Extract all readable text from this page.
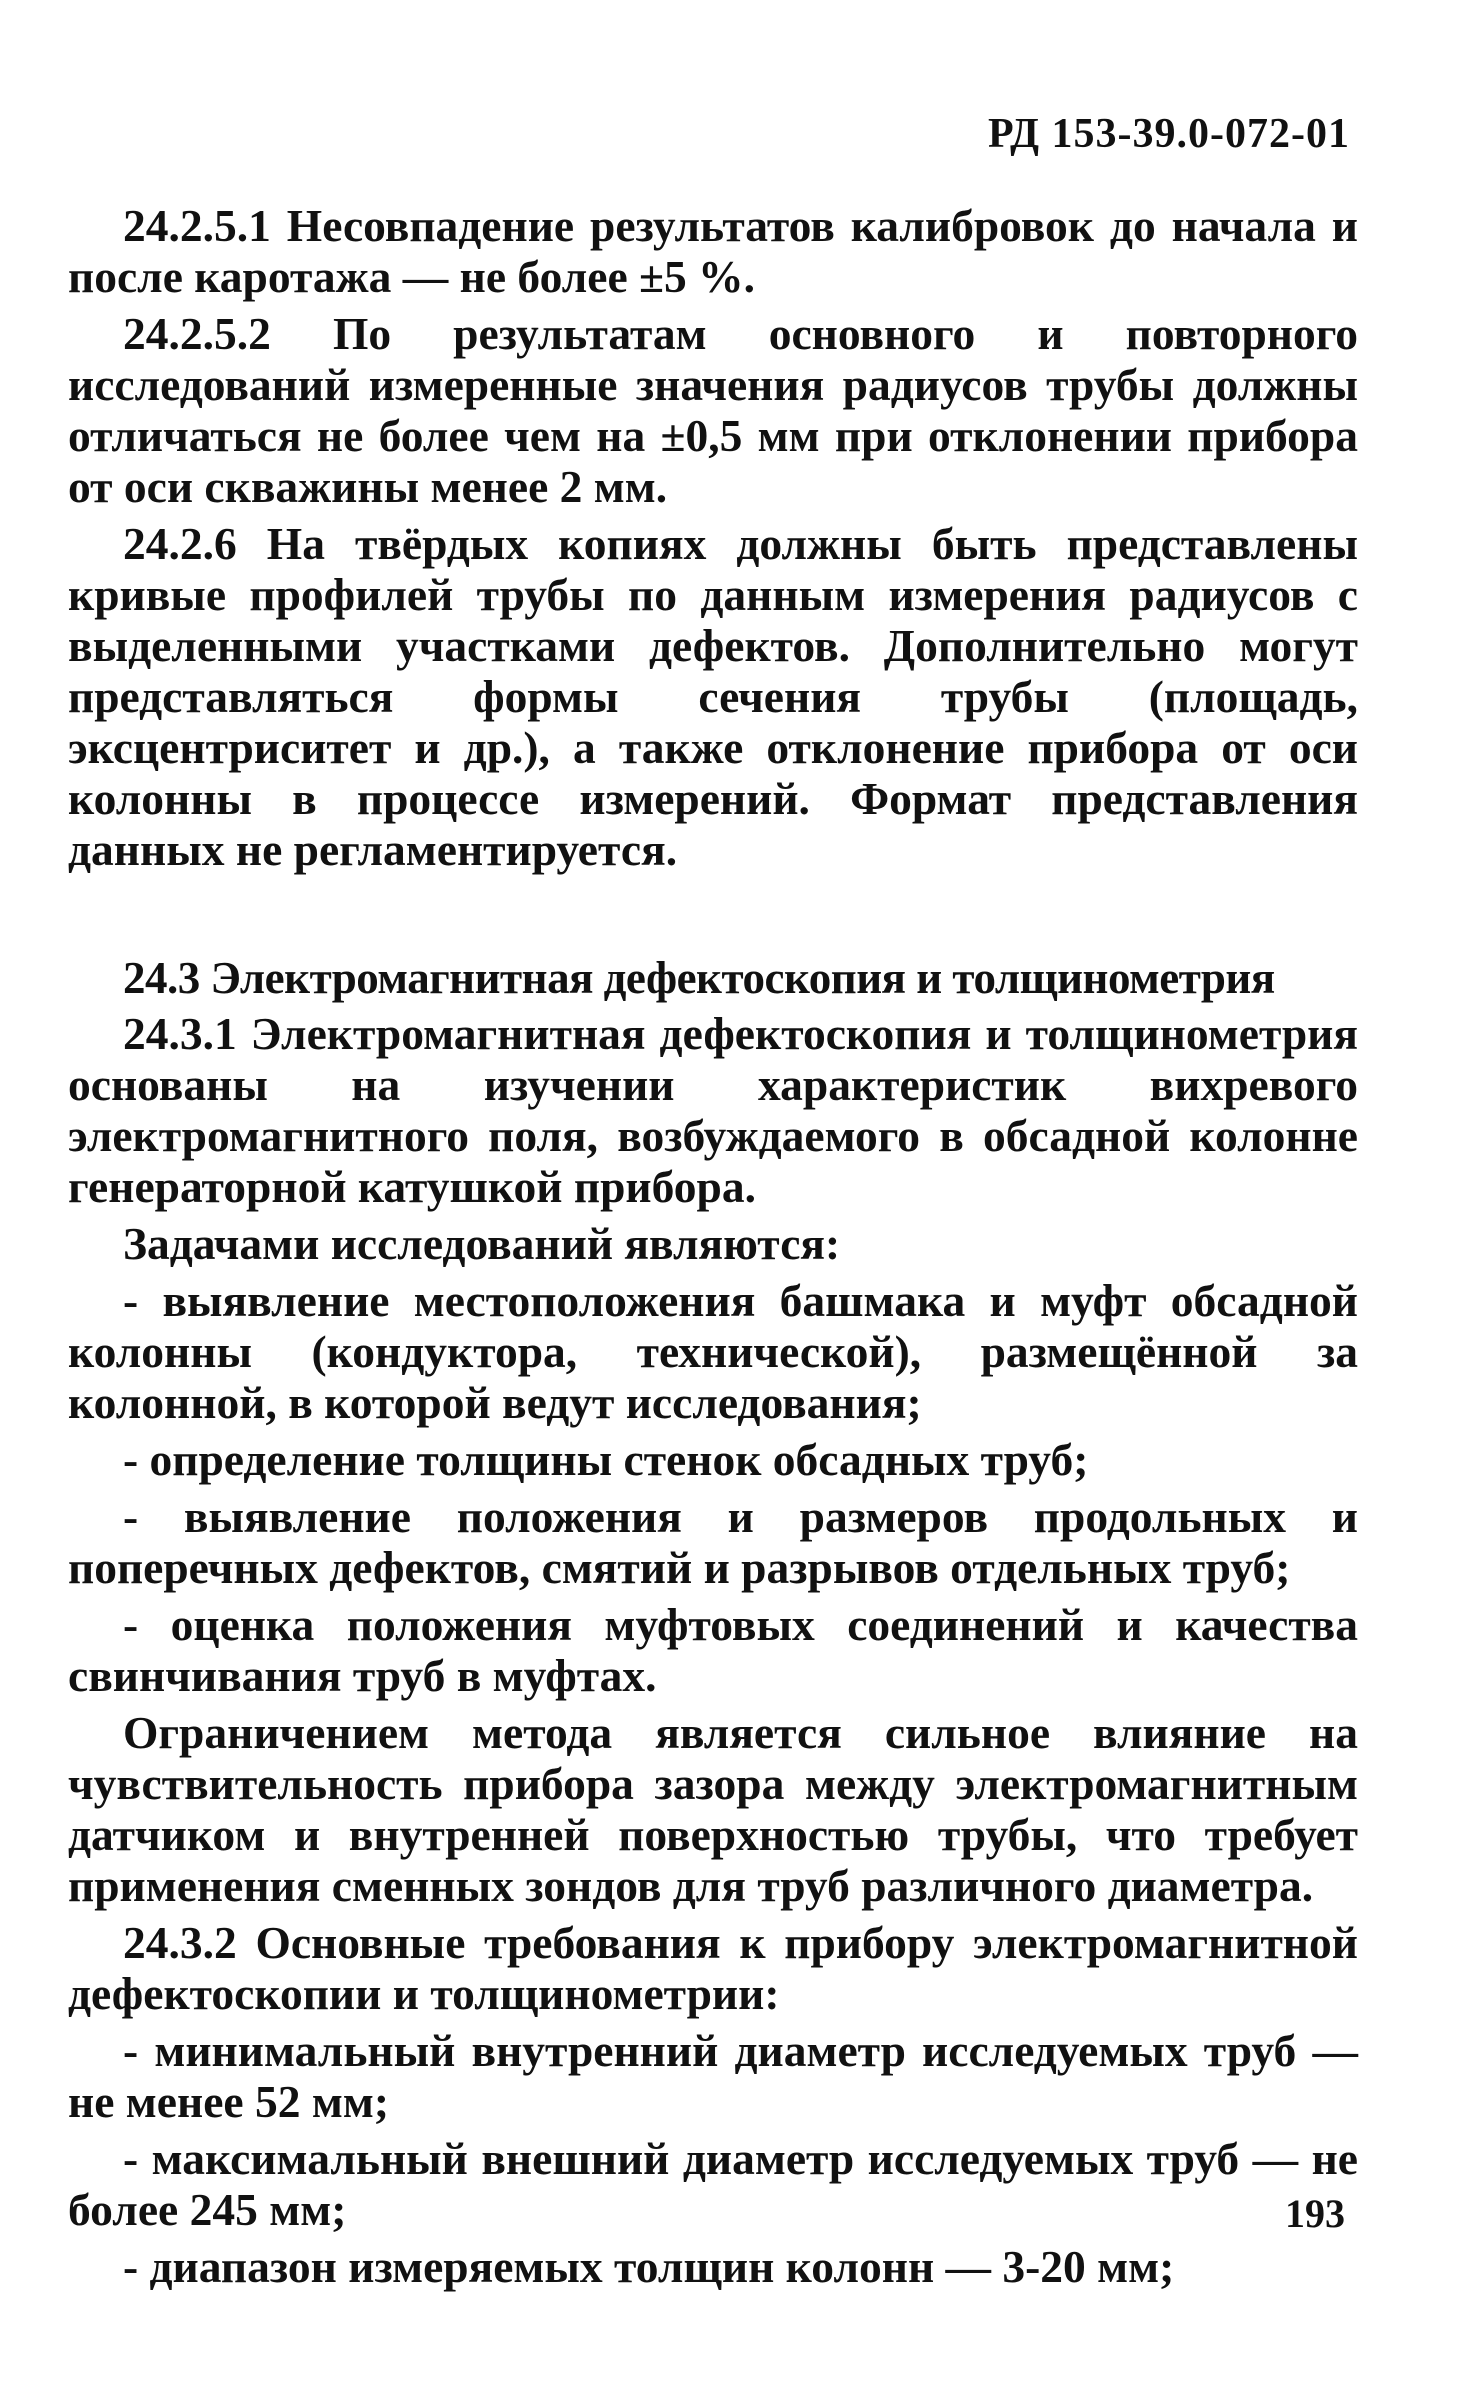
РД 153-39.0-072-01

24.2.5.1 Несовпадение результатов калибровок до начала и после каротажа — не более ±5 %.

24.2.5.2 По результатам основного и повторного исследований измеренные значения радиусов трубы должны отличаться не более чем на ±0,5 мм при отклонении прибора от оси скважины менее 2 мм.

24.2.6 На твёрдых копиях должны быть представлены кривые профилей трубы по данным измерения радиусов с выделенными участками дефектов. Дополнительно могут представляться формы сечения трубы (площадь, эксцентриситет и др.), а также отклонение прибора от оси колонны в процессе измерений. Формат представления данных не регламентируется.

24.3 Электромагнитная дефектоскопия и толщинометрия

24.3.1 Электромагнитная дефектоскопия и толщинометрия основаны на изучении характеристик вихревого электромагнитного поля, возбуждаемого в обсадной колонне генераторной катушкой прибора.

Задачами исследований являются:

- выявление местоположения башмака и муфт обсадной колонны (кондуктора, технической), размещённой за колонной, в которой ведут исследования;

- определение толщины стенок обсадных труб;

- выявление положения и размеров продольных и поперечных дефектов, смятий и разрывов отдельных труб;

- оценка положения муфтовых соединений и качества свинчивания труб в муфтах.

Ограничением метода является сильное влияние на чувствительность прибора зазора между электромагнитным датчиком и внутренней поверхностью трубы, что требует применения сменных зондов для труб различного диаметра.

24.3.2 Основные требования к прибору электромагнитной дефектоскопии и толщинометрии:

- минимальный внутренний диаметр исследуемых труб — не менее 52 мм;

- максимальный внешний диаметр исследуемых труб — не более 245 мм;

- диапазон измеряемых толщин колонн — 3-20 мм;

193
